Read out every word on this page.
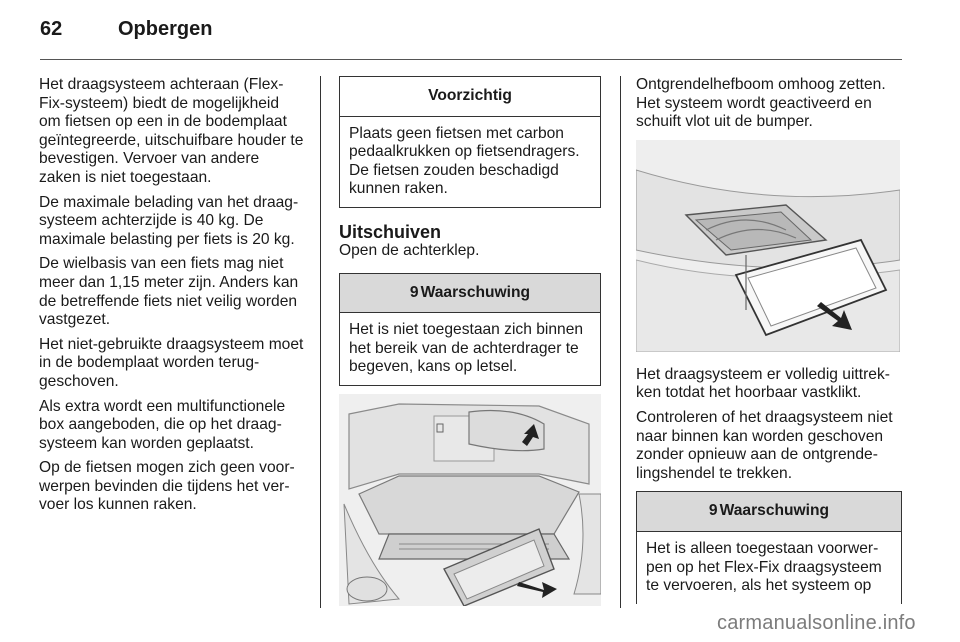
62	Opbergen

Het draagsysteem achteraan (Flex-Fix-systeem) biedt de mogelijkheid om fietsen op een in de bodemplaat geïntegreerde, uitschuifbare houder te bevestigen. Vervoer van andere zaken is niet toegestaan.

De maximale belading van het draagsysteem achterzijde is 40 kg. De maximale belasting per fiets is 20 kg.

De wielbasis van een fiets mag niet meer dan 1,15 meter zijn. Anders kan de betreffende fiets niet veilig worden vastgezet.

Het niet-gebruikte draagsysteem moet in de bodemplaat worden teruggeschoven.

Als extra wordt een multifunctionele box aangeboden, die op het draagsysteem kan worden geplaatst.

Op de fietsen mogen zich geen voorwerpen bevinden die tijdens het vervoer los kunnen raken.

Voorzichtig
Plaats geen fietsen met carbon pedaalkrukken op fietsendragers. De fietsen zouden beschadigd kunnen raken.
Uitschuiven

Open de achterklep.

9 Waarschuwing
Het is niet toegestaan zich binnen het bereik van de achterdrager te begeven, kans op letsel.

Ontgrendelhefboom omhoog zetten. Het systeem wordt geactiveerd en schuift vlot uit de bumper.

Het draagsysteem er volledig uittrekken totdat het hoorbaar vastklikt.

Controleren of het draagsysteem niet naar binnen kan worden geschoven zonder opnieuw aan de ontgrendelingshendel te trekken.

9 Waarschuwing
Het is alleen toegestaan voorwerpen op het Flex-Fix draagsysteem te vervoeren, als het systeem op
carmanualsonline.info
